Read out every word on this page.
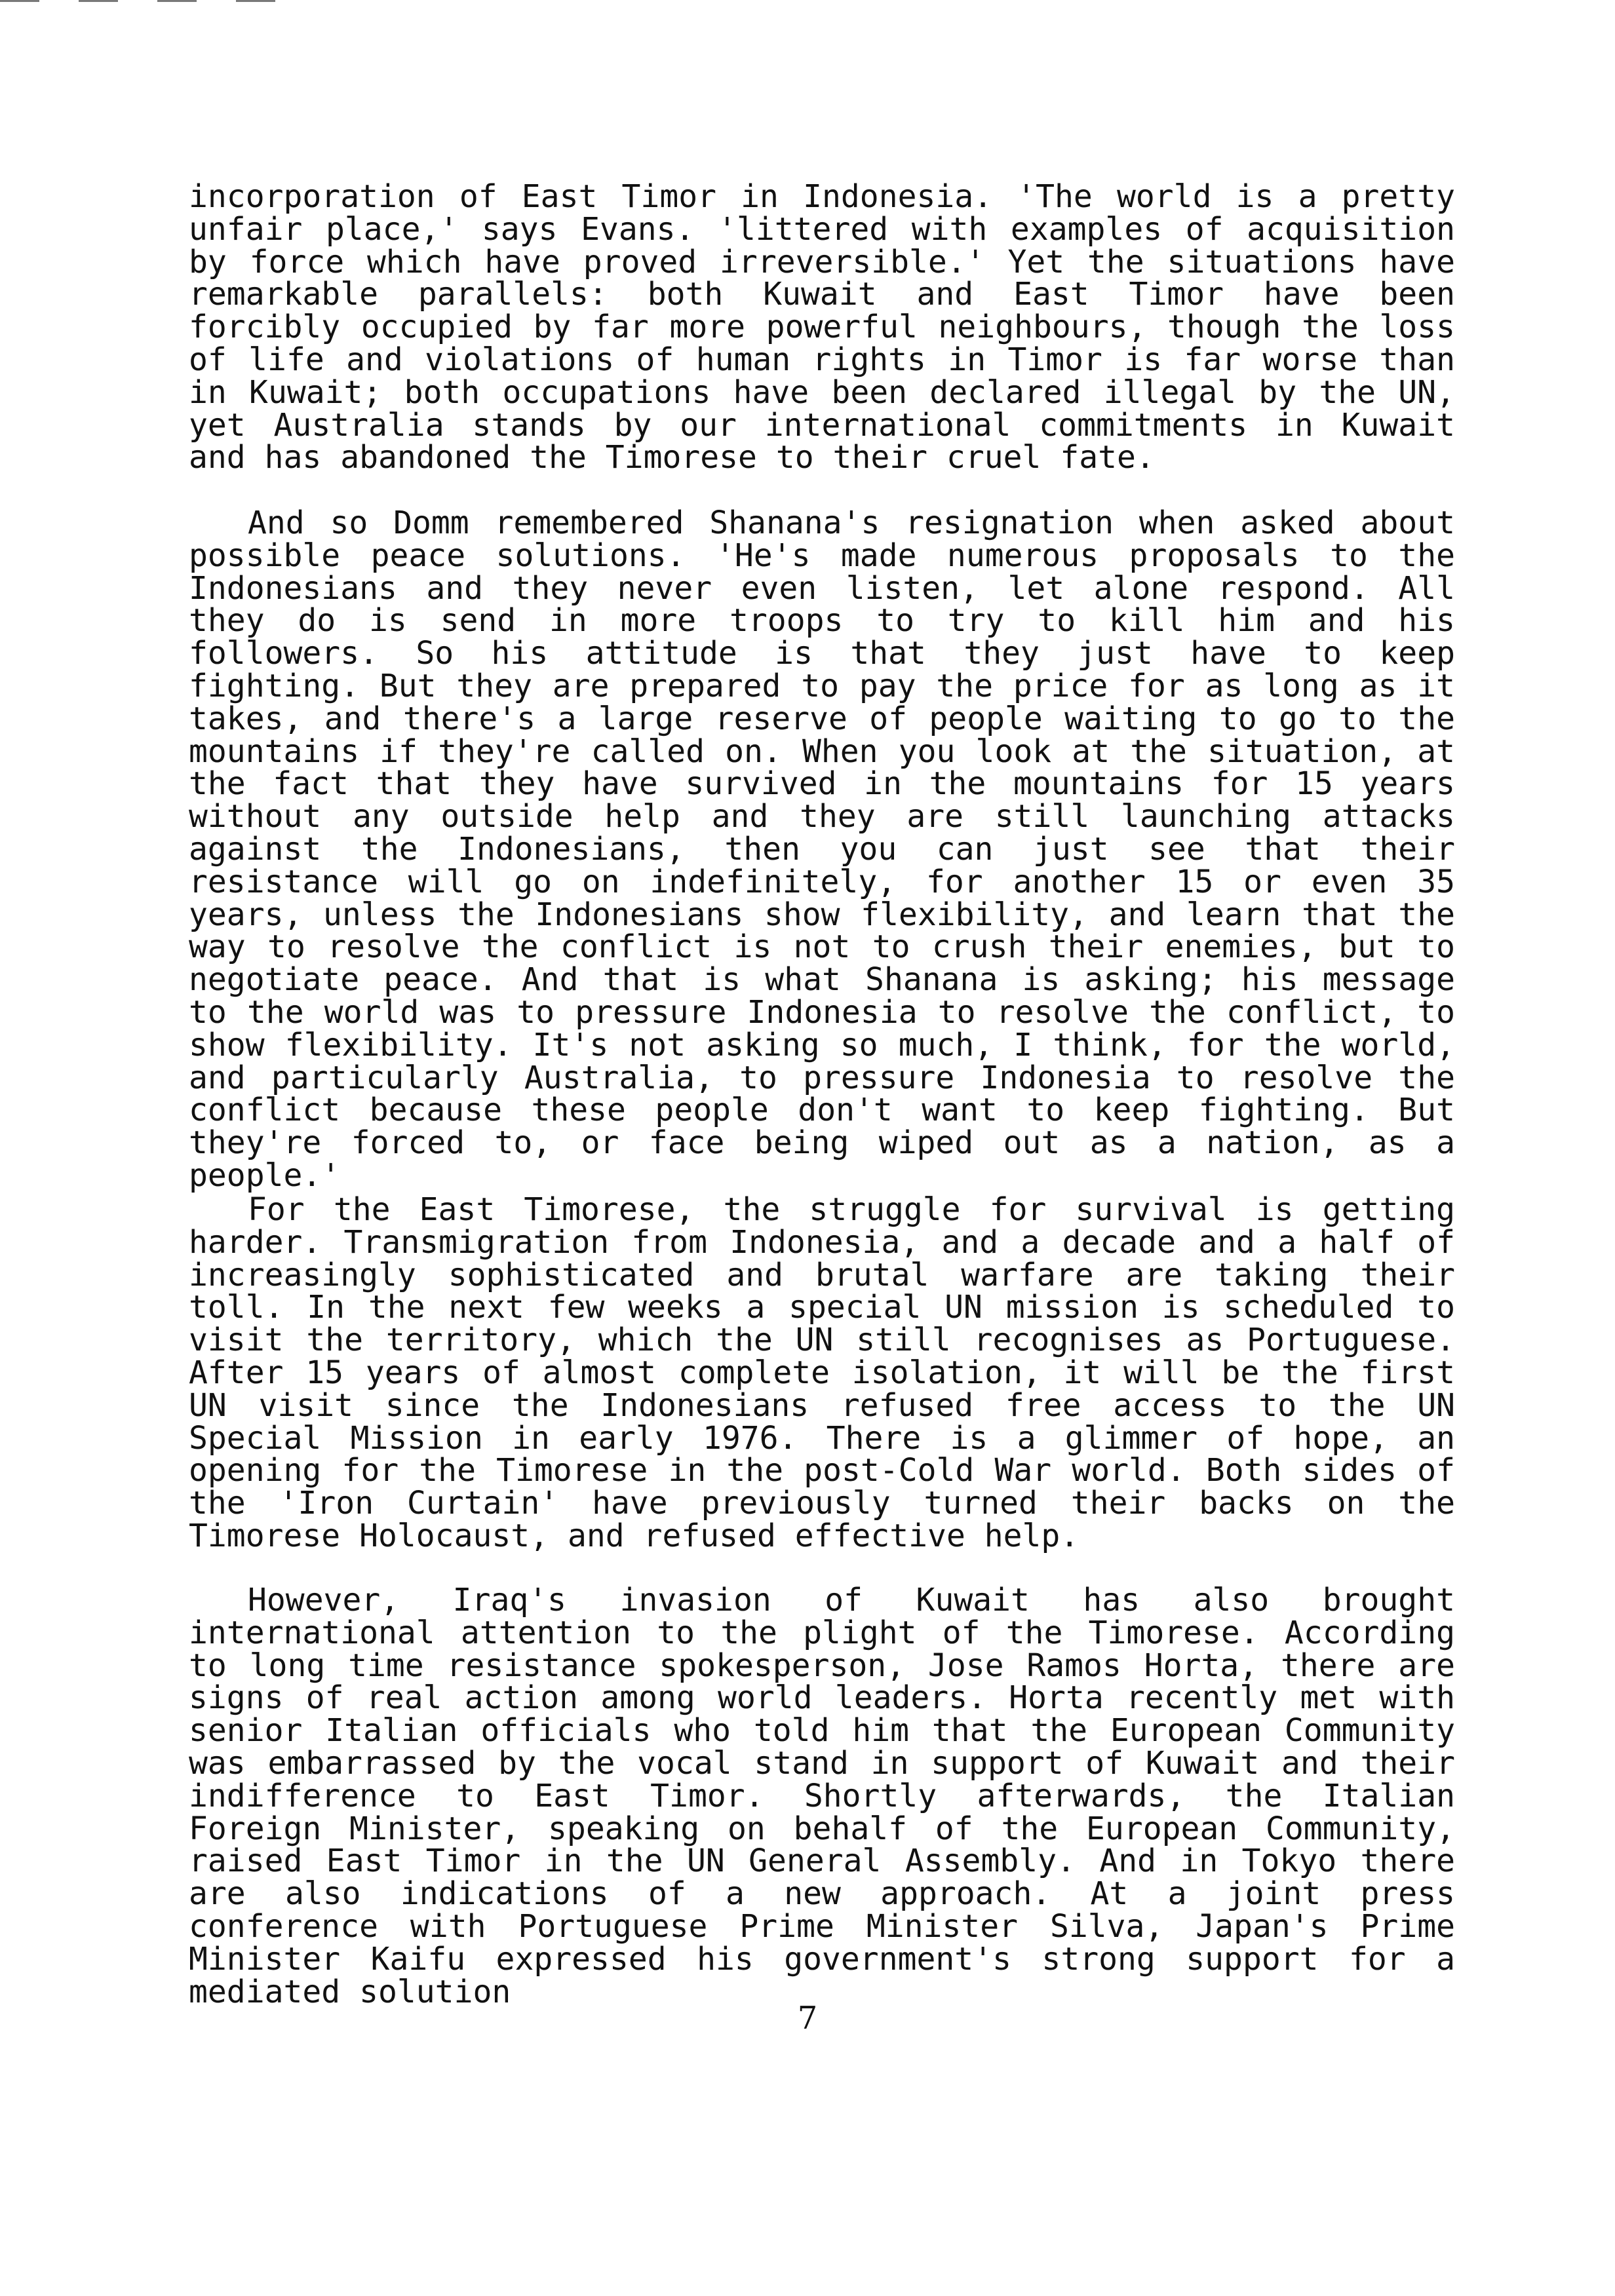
incorporation of East Timor in Indonesia. 'The world is a pretty unfair place,' says Evans. 'littered with examples of acquisition by force which have proved irreversible.' Yet the situations have remarkable parallels: both Kuwait and East Timor have been forcibly occupied by far more powerful neighbours, though the loss of life and violations of human rights in Timor is far worse than in Kuwait; both occupations have been declared illegal by the UN, yet Australia stands by our international commitments in Kuwait and has abandoned the Timorese to their cruel fate.

And so Domm remembered Shanana's resignation when asked about possible peace solutions. 'He's made numerous proposals to the Indonesians and they never even listen, let alone respond. All they do is send in more troops to try to kill him and his followers. So his attitude is that they just have to keep fighting. But they are prepared to pay the price for as long as it takes, and there's a large reserve of people waiting to go to the mountains if they're called on. When you look at the situation, at the fact that they have survived in the mountains for 15 years without any outside help and they are still launching attacks against the Indonesians, then you can just see that their resistance will go on indefinitely, for another 15 or even 35 years, unless the Indonesians show flexibility, and learn that the way to resolve the conflict is not to crush their enemies, but to negotiate peace. And that is what Shanana is asking; his message to the world was to pressure Indonesia to resolve the conflict, to show flexibility. It's not asking so much, I think, for the world, and particularly Australia, to pressure Indonesia to resolve the conflict because these people don't want to keep fighting. But they're forced to, or face being wiped out as a nation, as a people.'

For the East Timorese, the struggle for survival is getting harder. Transmigration from Indonesia, and a decade and a half of increasingly sophisticated and brutal warfare are taking their toll. In the next few weeks a special UN mission is scheduled to visit the territory, which the UN still recognises as Portuguese. After 15 years of almost complete isolation, it will be the first UN visit since the Indonesians refused free access to the UN Special Mission in early 1976. There is a glimmer of hope, an opening for the Timorese in the post-Cold War world. Both sides of the 'Iron Curtain' have previously turned their backs on the Timorese Holocaust, and refused effective help.

However, Iraq's invasion of Kuwait has also brought international attention to the plight of the Timorese. According to long time resistance spokesperson, Jose Ramos Horta, there are signs of real action among world leaders. Horta recently met with senior Italian officials who told him that the European Community was embarrassed by the vocal stand in support of Kuwait and their indifference to East Timor. Shortly afterwards, the Italian Foreign Minister, speaking on behalf of the European Community, raised East Timor in the UN General Assembly. And in Tokyo there are also indications of a new approach. At a joint press conference with Portuguese Prime Minister Silva, Japan's Prime Minister Kaifu expressed his government's strong support for a mediated solution

7
